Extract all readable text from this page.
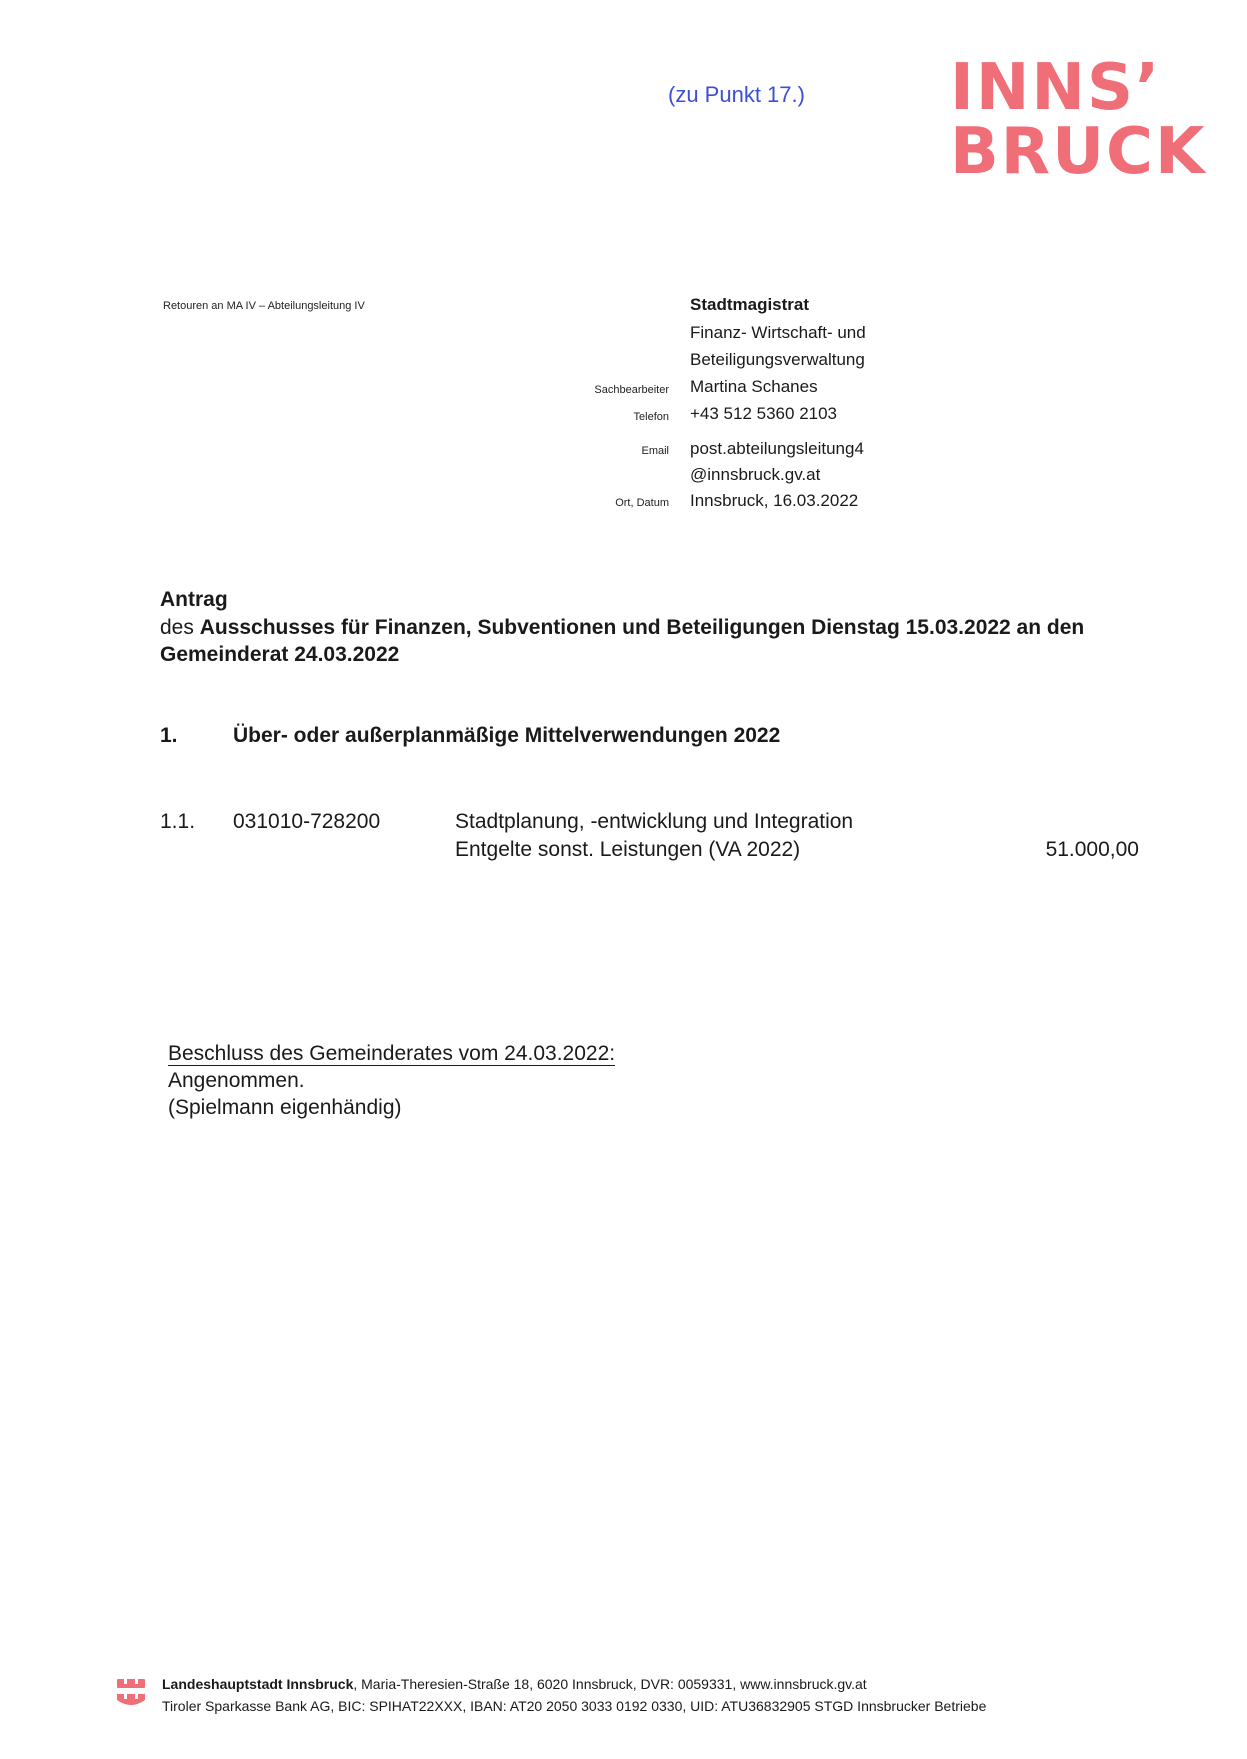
(zu Punkt 17.) INNS’
BRUCK
Retouren an MA IV – Abteilungsleitung IV	Stadtmagistrat
Finanz- Wirtschaft- und
Beteiligungsverwaltung
Sachbearbeiter Martina Schanes
Telefon +43 512 5360 2103
Email post.abteilungsleitung4
@innsbruck.gv.at
Ort, Datum Innsbruck, 16.03.2022
Antrag
des Ausschusses für Finanzen, Subventionen und Beteiligungen Dienstag 15.03.2022 an den Gemeinderat 24.03.2022
1.	Über- oder außerplanmäßige Mittelverwendungen 2022
1.1. 031010-728200	Stadtplanung, -entwicklung und Integration
Entgelte sonst. Leistungen (VA 2022)	51.000,00
Beschluss des Gemeinderates vom 24.03.2022:
Angenommen.
(Spielmann eigenhändig)
Landeshauptstadt Innsbruck, Maria-Theresien-Straße 18, 6020 Innsbruck, DVR: 0059331, www.innsbruck.gv.at
Tiroler Sparkasse Bank AG, BIC: SPIHAT22XXX, IBAN: AT20 2050 3033 0192 0330, UID: ATU36832905 STGD Innsbrucker Betriebe
